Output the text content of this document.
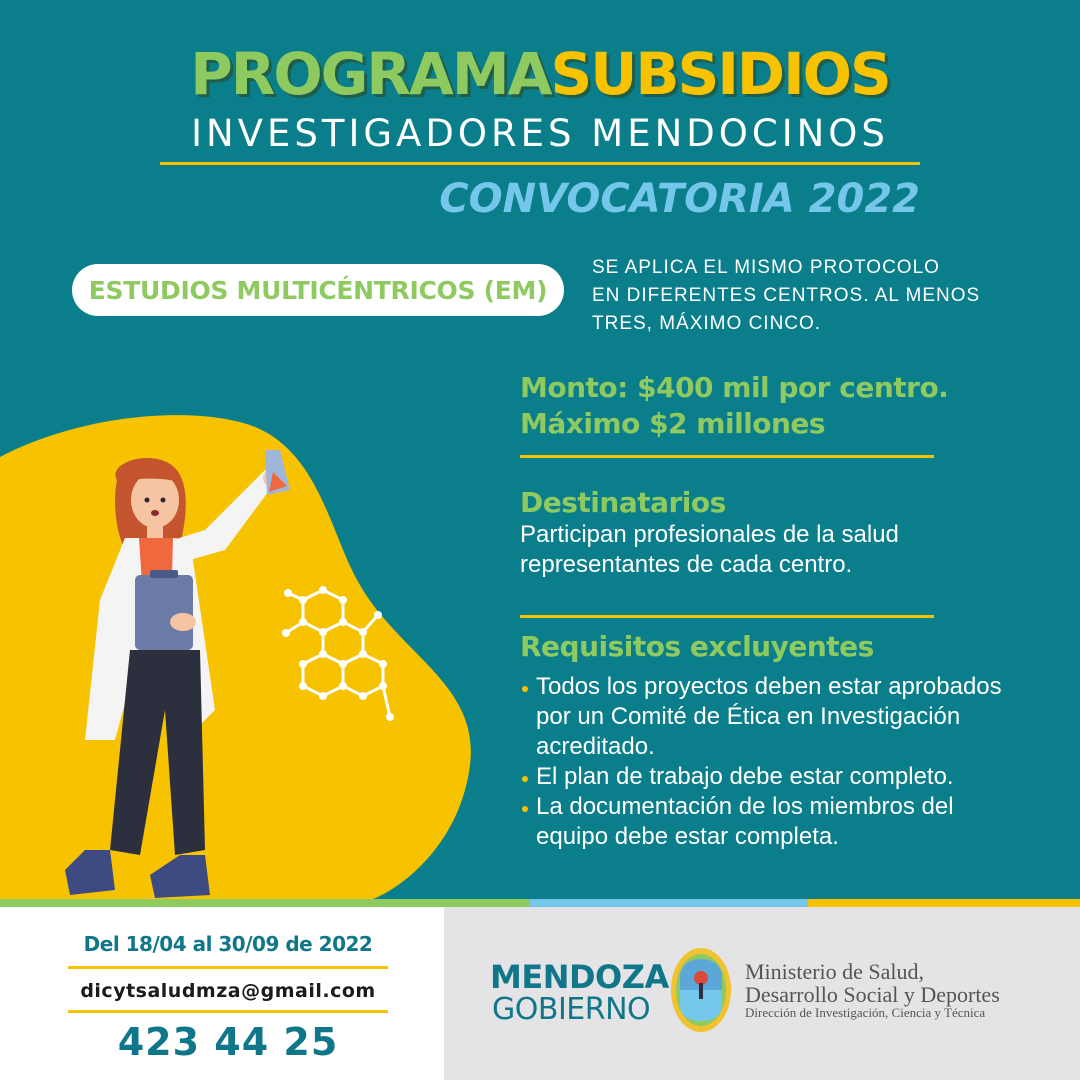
PROGRAMASUBSIDIOS
INVESTIGADORES MENDOCINOS
CONVOCATORIA 2022
ESTUDIOS MULTICÉNTRICOS (EM)
SE APLICA EL MISMO PROTOCOLO
EN DIFERENTES CENTROS. AL MENOS
TRES, MÁXIMO CINCO.
Monto: $400 mil por centro.
Máximo $2 millones
Destinatarios
Participan profesionales de la salud
representantes de cada centro.
Requisitos excluyentes
Todos los proyectos deben estar aprobados
por un Comité de Ética en Investigación
acreditado.
El plan de trabajo debe estar completo.
La documentación de los miembros del
equipo debe estar completa.
Del 18/04 al 30/09 de 2022
dicytsaludmza@gmail.com
423 44 25
MENDOZA
GOBIERNO
Ministerio de Salud,
Desarrollo Social y Deportes
Dirección de Investigación, Ciencia y Técnica
